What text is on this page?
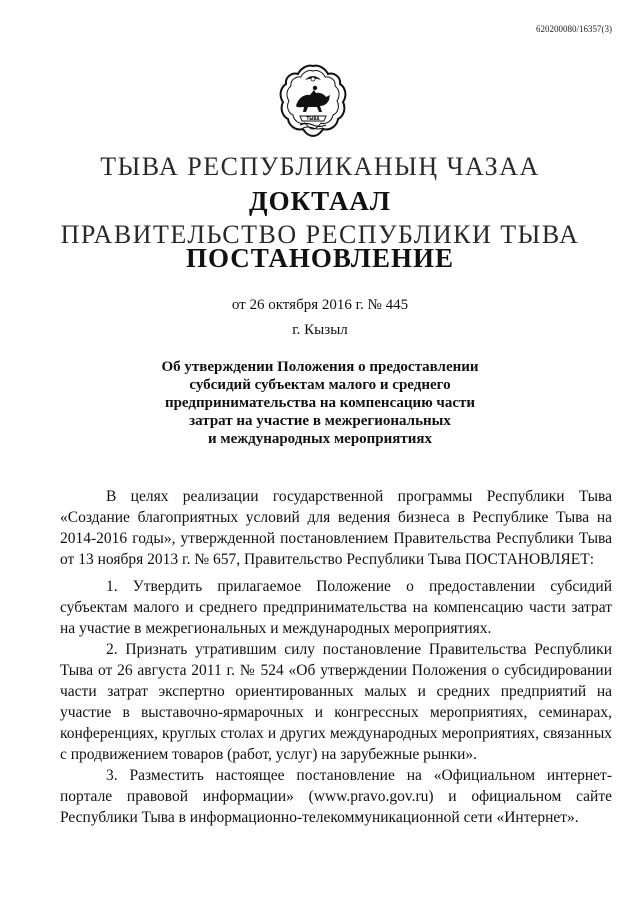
620200080/16357(3)
ТЫВА
ТЫВА РЕСПУБЛИКАНЫҢ ЧАЗАА
ДОКТААЛ
ПРАВИТЕЛЬСТВО РЕСПУБЛИКИ ТЫВА
ПОСТАНОВЛЕНИЕ
от 26 октября 2016 г. № 445
г. Кызыл
Об утверждении Положения о предоставлении
субсидий субъектам малого и среднего
предпринимательства на компенсацию части
затрат на участие в межрегиональных
и международных мероприятиях

В целях реализации государственной программы Республики Тыва «Создание благоприятных условий для ведения бизнеса в Республике Тыва на 2014-2016 годы», утвержденной постановлением Правительства Республики Тыва от 13 ноября 2013 г. № 657, Правительство Республики Тыва ПОСТАНОВЛЯЕТ:

1. Утвердить прилагаемое Положение о предоставлении субсидий субъектам малого и среднего предпринимательства на компенсацию части затрат на участие в межрегиональных и международных мероприятиях.

2. Признать утратившим силу постановление Правительства Республики Тыва от 26 августа 2011 г. № 524 «Об утверждении Положения о субсидировании части затрат экспертно ориентированных малых и средних предприятий на участие в выставочно-ярмарочных и конгрессных мероприятиях, семинарах, конференциях, круглых столах и других международных мероприятиях, связанных с продвижением товаров (работ, услуг) на зарубежные рынки».

3. Разместить настоящее постановление на «Официальном интернет-портале правовой информации» (www.pravo.gov.ru) и официальном сайте Республики Тыва в информационно-телекоммуникационной сети «Интернет».
